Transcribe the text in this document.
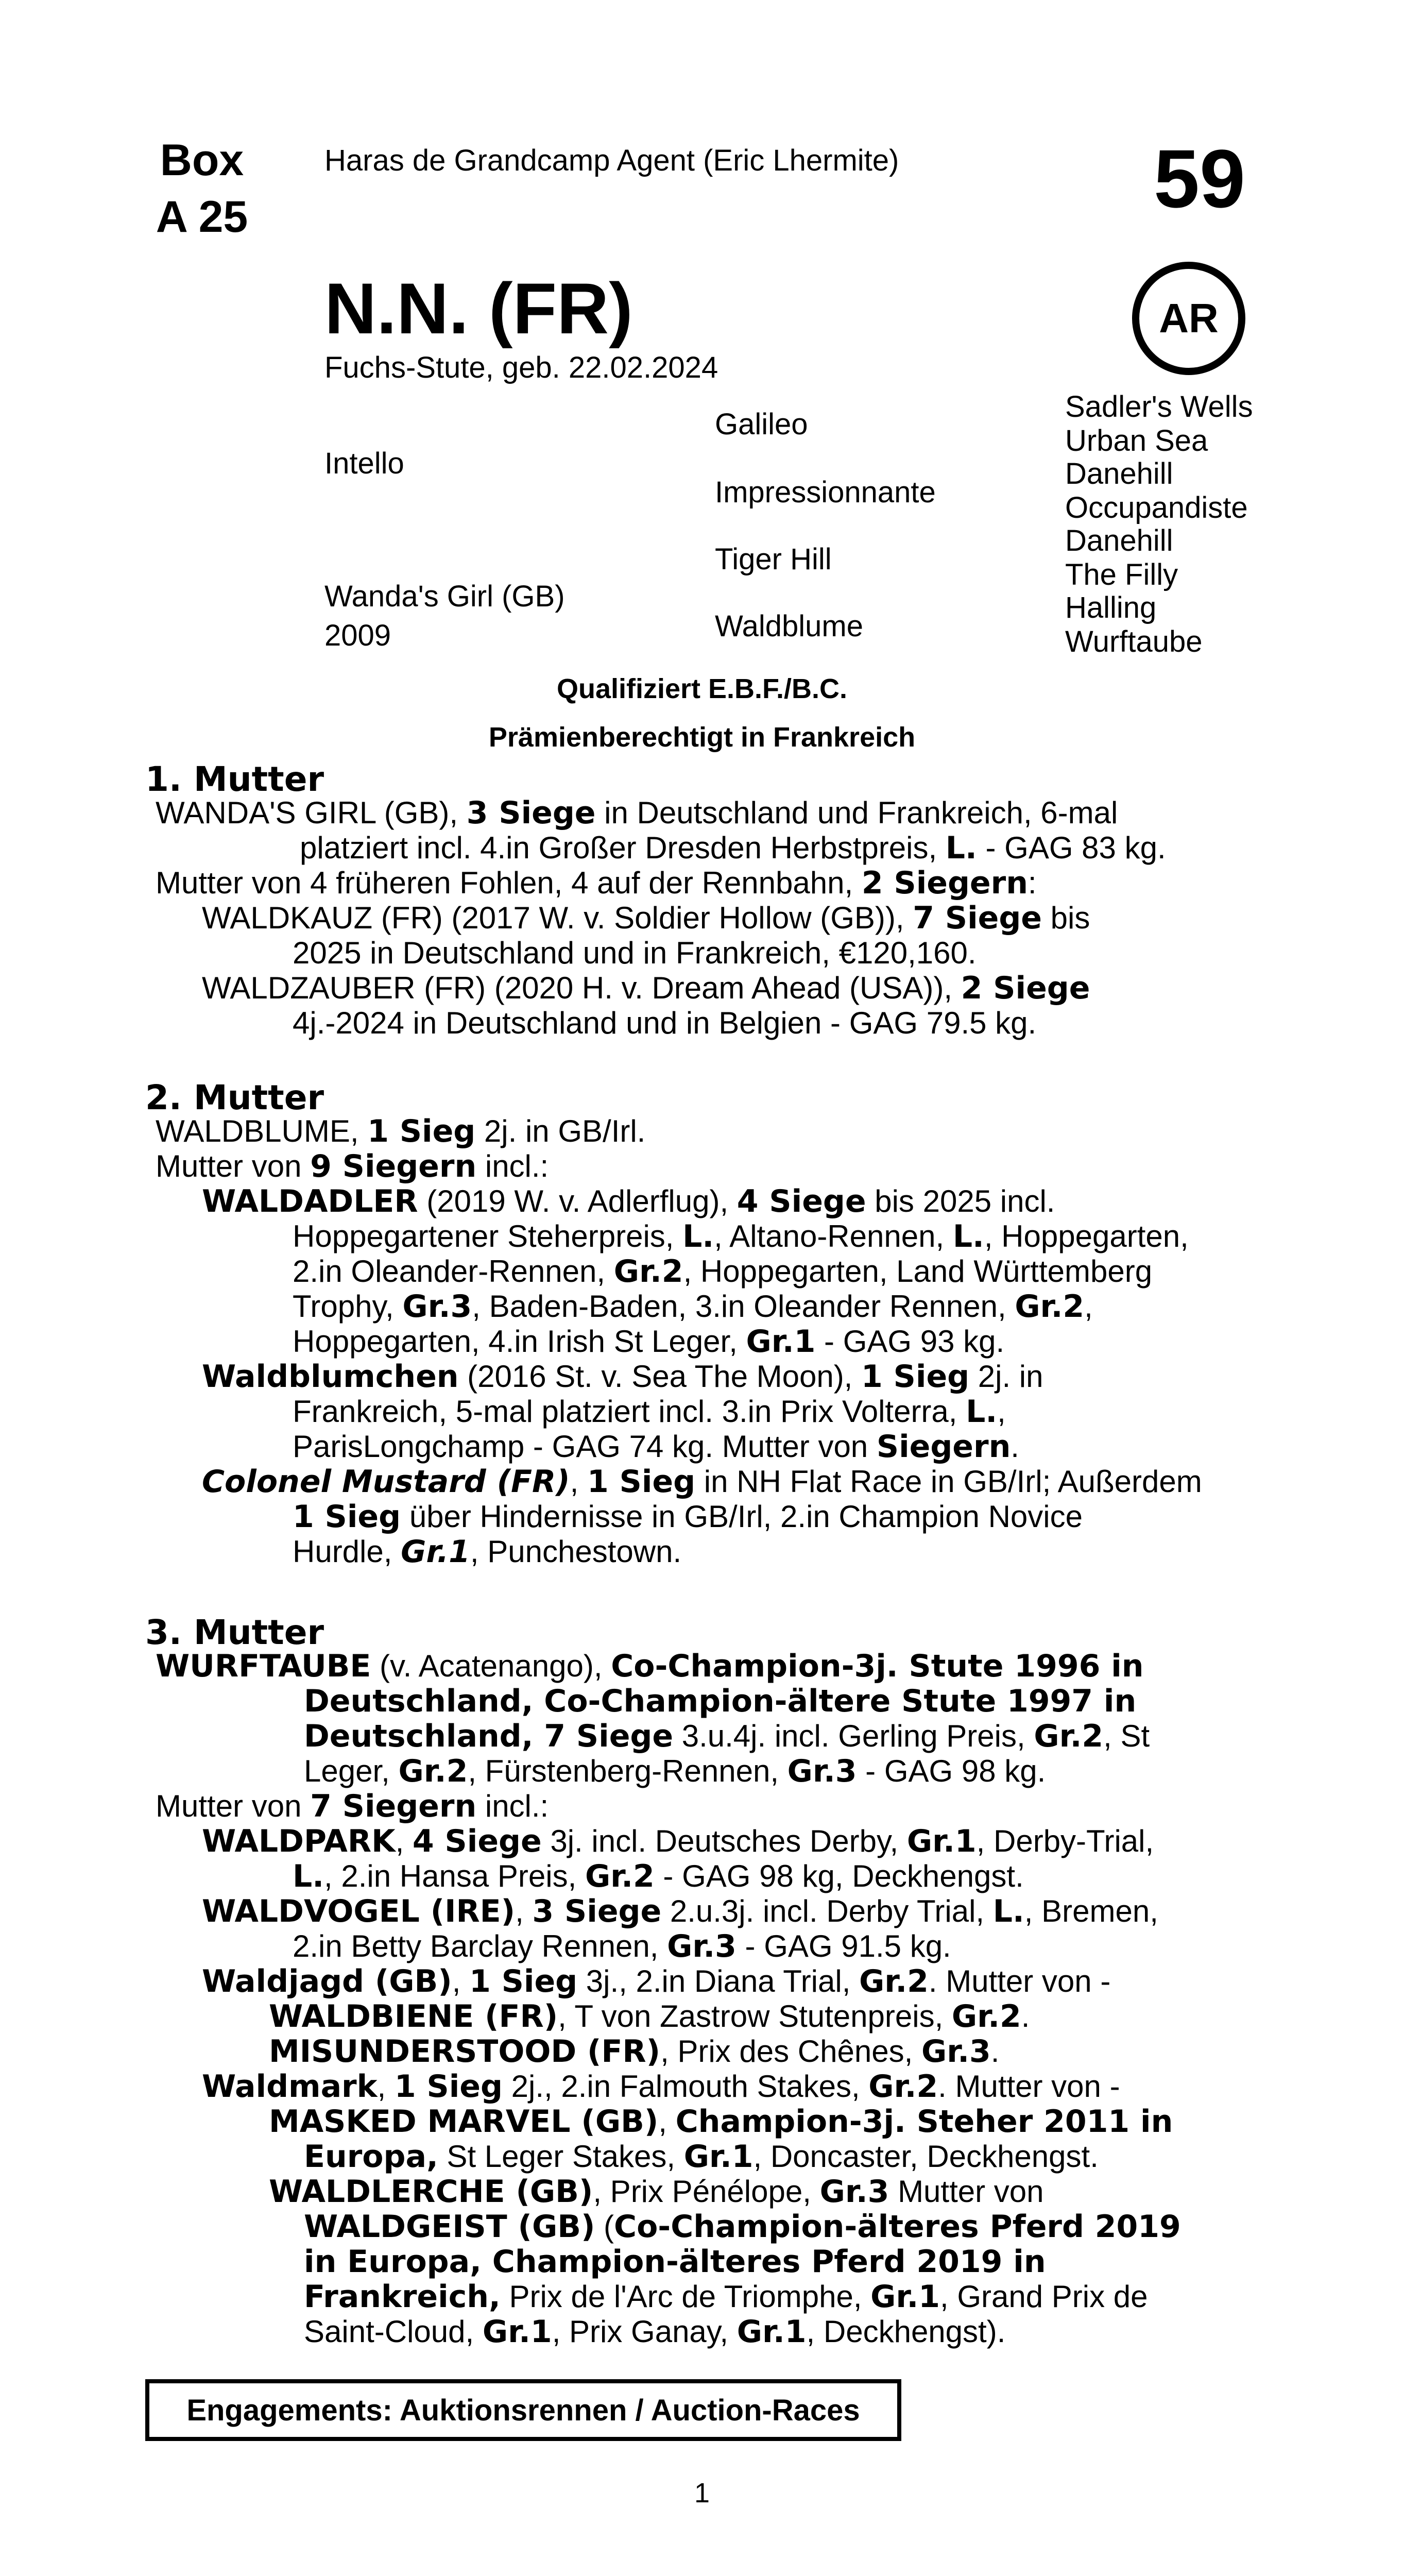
Box
A 25
Haras de Grandcamp Agent (Eric Lhermite)	59
AR
N.N. (FR)
Fuchs-Stute, geb. 22.02.2024
Intello
Wanda's Girl (GB)
2009
Galileo
Impressionnante
Tiger Hill
Waldblume
Sadler's Wells
Urban Sea
Danehill
Occupandiste
Danehill
The Filly
Halling
Wurftaube
Qualifiziert E.B.F./B.C.
Prämienberechtigt in Frankreich
1. Mutter
WANDA'S GIRL (GB), 3 Siege in Deutschland und Frankreich, 6-mal
platziert incl. 4.in Großer Dresden Herbstpreis, L. - GAG 83 kg.
Mutter von 4 früheren Fohlen, 4 auf der Rennbahn, 2 Siegern:
WALDKAUZ (FR) (2017 W. v. Soldier Hollow (GB)), 7 Siege bis
2025 in Deutschland und in Frankreich, €120,160.
WALDZAUBER (FR) (2020 H. v. Dream Ahead (USA)), 2 Siege
4j.-2024 in Deutschland und in Belgien - GAG 79.5 kg.
2. Mutter
WALDBLUME, 1 Sieg 2j. in GB/Irl.
Mutter von 9 Siegern incl.:
WALDADLER (2019 W. v. Adlerflug), 4 Siege bis 2025 incl.
Hoppegartener Steherpreis, L., Altano-Rennen, L., Hoppegarten,
2.in Oleander-Rennen, Gr.2, Hoppegarten, Land Württemberg
Trophy, Gr.3, Baden-Baden, 3.in Oleander Rennen, Gr.2,
Hoppegarten, 4.in Irish St Leger, Gr.1 - GAG 93 kg.
Waldblumchen (2016 St. v. Sea The Moon), 1 Sieg 2j. in
Frankreich, 5-mal platziert incl. 3.in Prix Volterra, L.,
ParisLongchamp - GAG 74 kg. Mutter von Siegern.
Colonel Mustard (FR), 1 Sieg in NH Flat Race in GB/Irl; Außerdem
1 Sieg über Hindernisse in GB/Irl, 2.in Champion Novice
Hurdle, Gr.1, Punchestown.
3. Mutter
WURFTAUBE (v. Acatenango), Co-Champion-3j. Stute 1996 in
Deutschland, Co-Champion-ältere Stute 1997 in
Deutschland, 7 Siege 3.u.4j. incl. Gerling Preis, Gr.2, St
Leger, Gr.2, Fürstenberg-Rennen, Gr.3 - GAG 98 kg.
Mutter von 7 Siegern incl.:
WALDPARK, 4 Siege 3j. incl. Deutsches Derby, Gr.1, Derby-Trial,
L., 2.in Hansa Preis, Gr.2 - GAG 98 kg, Deckhengst.
WALDVOGEL (IRE), 3 Siege 2.u.3j. incl. Derby Trial, L., Bremen,
2.in Betty Barclay Rennen, Gr.3 - GAG 91.5 kg.
Waldjagd (GB), 1 Sieg 3j., 2.in Diana Trial, Gr.2. Mutter von -
WALDBIENE (FR), T von Zastrow Stutenpreis, Gr.2.
MISUNDERSTOOD (FR), Prix des Chênes, Gr.3.
Waldmark, 1 Sieg 2j., 2.in Falmouth Stakes, Gr.2. Mutter von -
MASKED MARVEL (GB), Champion-3j. Steher 2011 in
Europa, St Leger Stakes, Gr.1, Doncaster, Deckhengst.
WALDLERCHE (GB), Prix Pénélope, Gr.3 Mutter von
WALDGEIST (GB) (Co-Champion-älteres Pferd 2019
in Europa, Champion-älteres Pferd 2019 in
Frankreich, Prix de l'Arc de Triomphe, Gr.1, Grand Prix de
Saint-Cloud, Gr.1, Prix Ganay, Gr.1, Deckhengst).
Engagements: Auktionsrennen / Auction-Races
1
